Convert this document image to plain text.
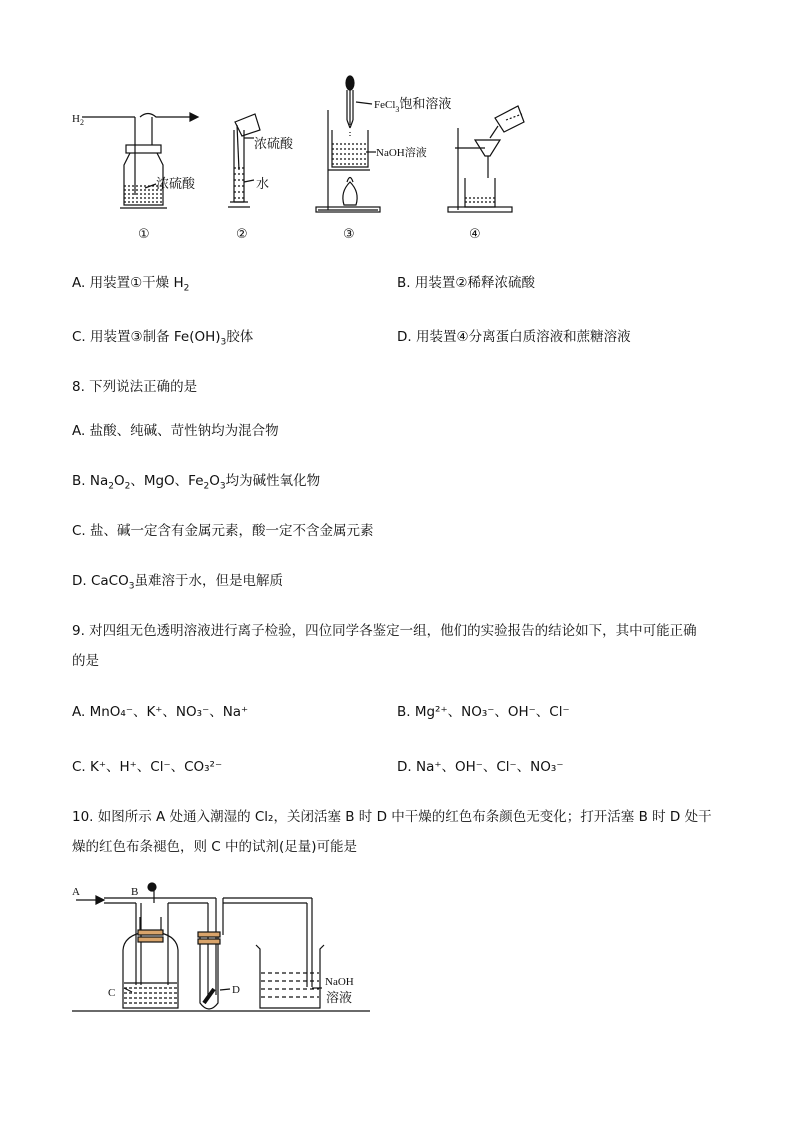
$H_2$
浓硫酸
浓硫酸
水
FeCl$_3$饱和溶液
NaOH溶液
①	②	③	④
A. 用装置①干燥 $H_2$	B. 用装置②稀释浓硫酸
C. 用装置③制备 $Fe(OH)_3$胶体	D. 用装置④分离蛋白质溶液和蔗糖溶液
8. 下列说法正确的是
A. 盐酸、纯碱、苛性钠均为混合物
B. $Na_2O_2$、MgO、$Fe_2O_3$均为碱性氧化物
C. 盐、碱一定含有金属元素，酸一定不含金属元素
D. CaCO$_3$虽难溶于水，但是电解质
9. 对四组无色透明溶液进行离子检验，四位同学各鉴定一组，他们的实验报告的结论如下，其中可能正确
的是
A. MnO₄⁻、K⁺、NO₃⁻、Na⁺	B. Mg²⁺、NO₃⁻、OH⁻、Cl⁻
C. K⁺、H⁺、Cl⁻、CO₃²⁻	D. Na⁺、OH⁻、Cl⁻、NO₃⁻
10. 如图所示 A 处通入潮湿的 Cl₂，关闭活塞 B 时 D 中干燥的红色布条颜色无变化；打开活塞 B 时 D 处干
燥的红色布条褪色，则 C 中的试剂(足量)可能是
A	B
C	D
NaOH
溶液
